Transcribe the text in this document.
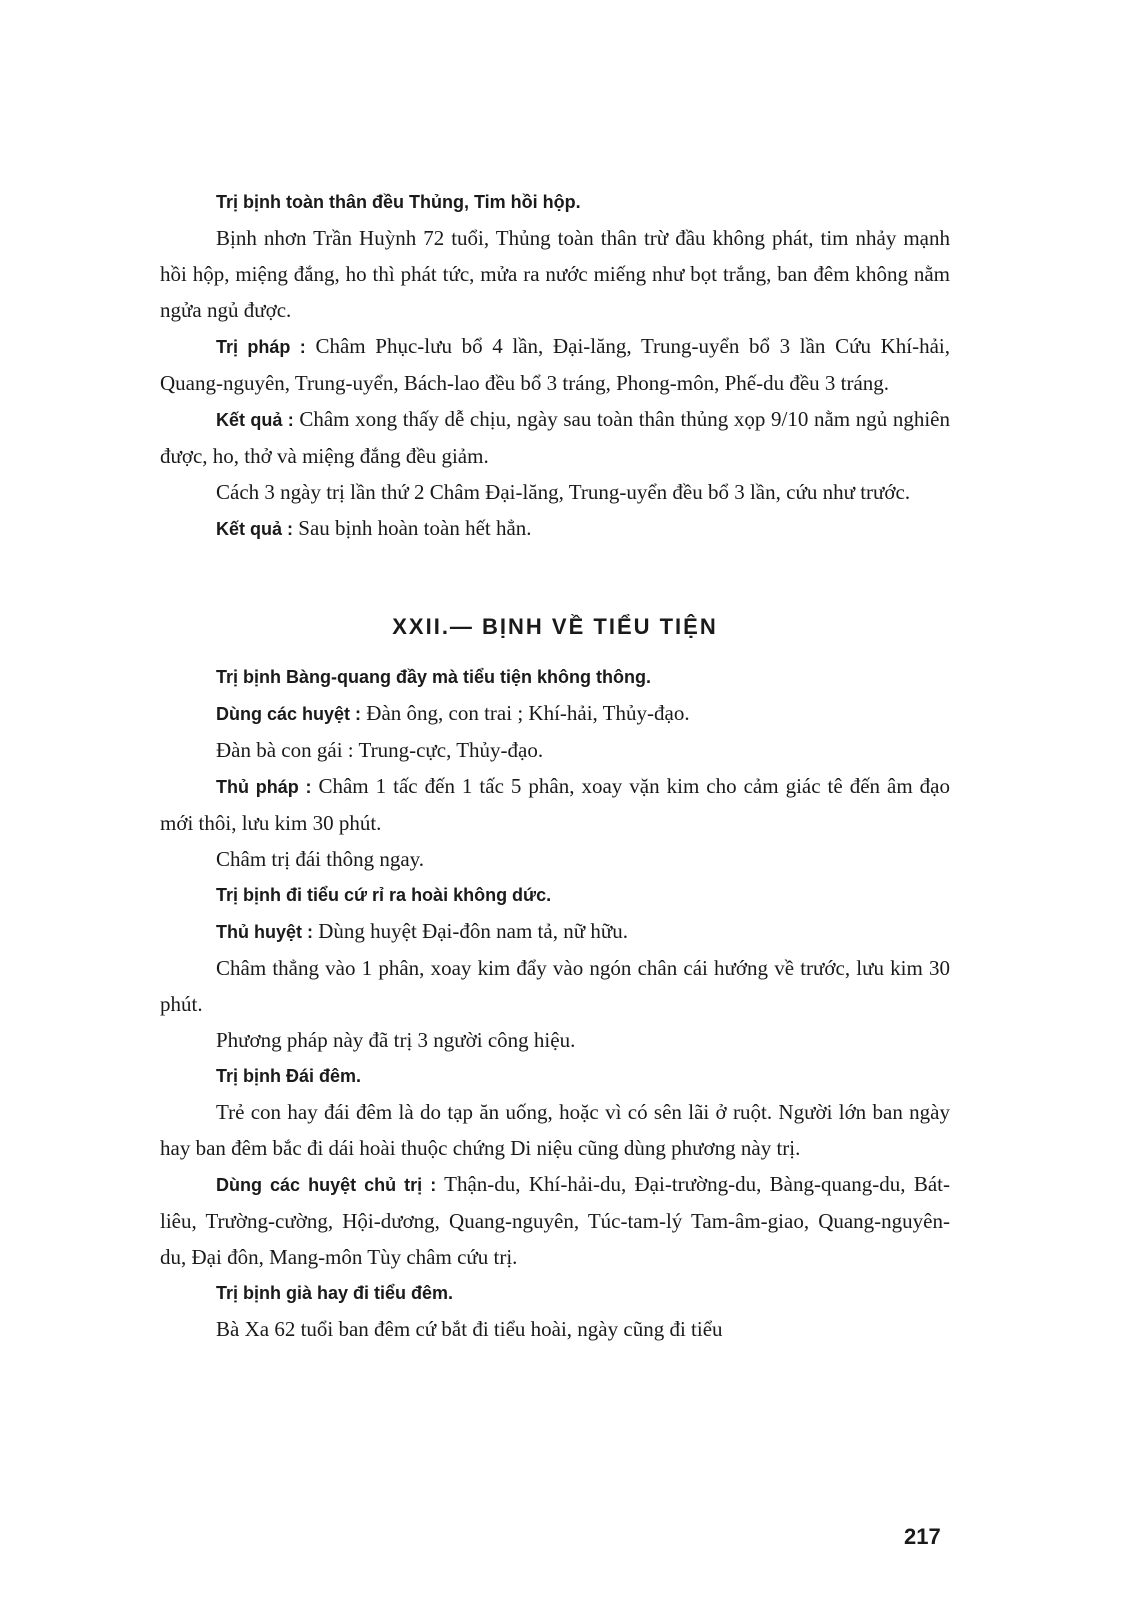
Trị bịnh toàn thân đều Thủng, Tim hồi hộp.

Bịnh nhơn Trần Huỳnh 72 tuổi, Thủng toàn thân trừ đầu không phát, tim nhảy mạnh hồi hộp, miệng đắng, ho thì phát tức, mửa ra nước miếng như bọt trắng, ban đêm không nằm ngửa ngủ được.

Trị pháp : Châm Phục-lưu bổ 4 lần, Đại-lăng, Trung-uyển bổ 3 lần Cứu Khí-hải, Quang-nguyên, Trung-uyển, Bách-lao đều bổ 3 tráng, Phong-môn, Phế-du đều 3 tráng.

Kết quả : Châm xong thấy dễ chịu, ngày sau toàn thân thủng xọp 9/10 nằm ngủ nghiên được, ho, thở và miệng đắng đều giảm.

Cách 3 ngày trị lần thứ 2 Châm Đại-lăng, Trung-uyển đều bổ 3 lần, cứu như trước.

Kết quả : Sau bịnh hoàn toàn hết hẳn.

XXII.— BỊNH VỀ TIỂU TIỆN

Trị bịnh Bàng-quang đầy mà tiểu tiện không thông.

Dùng các huyệt : Đàn ông, con trai ; Khí-hải, Thủy-đạo.

Đàn bà con gái : Trung-cực, Thủy-đạo.

Thủ pháp : Châm 1 tấc đến 1 tấc 5 phân, xoay vặn kim cho cảm giác tê đến âm đạo mới thôi, lưu kim 30 phút.

Châm trị đái thông ngay.

Trị bịnh đi tiểu cứ rỉ ra hoài không dức.

Thủ huyệt : Dùng huyệt Đại-đôn nam tả, nữ hữu.

Châm thẳng vào 1 phân, xoay kim đẩy vào ngón chân cái hướng về trước, lưu kim 30 phút.

Phương pháp này đã trị 3 người công hiệu.

Trị bịnh Đái đêm.

Trẻ con hay đái đêm là do tạp ăn uống, hoặc vì có sên lãi ở ruột. Người lớn ban ngày hay ban đêm bắc đi dái hoài thuộc chứng Di niệu cũng dùng phương này trị.

Dùng các huyệt chủ trị : Thận-du, Khí-hải-du, Đại-trường-du, Bàng-quang-du, Bát-liêu, Trường-cường, Hội-dương, Quang-nguyên, Túc-tam-lý Tam-âm-giao, Quang-nguyên-du, Đại đôn, Mang-môn Tùy châm cứu trị.

Trị bịnh già hay đi tiểu đêm.

Bà Xa 62 tuổi ban đêm cứ bắt đi tiểu hoài, ngày cũng đi tiểu

217
